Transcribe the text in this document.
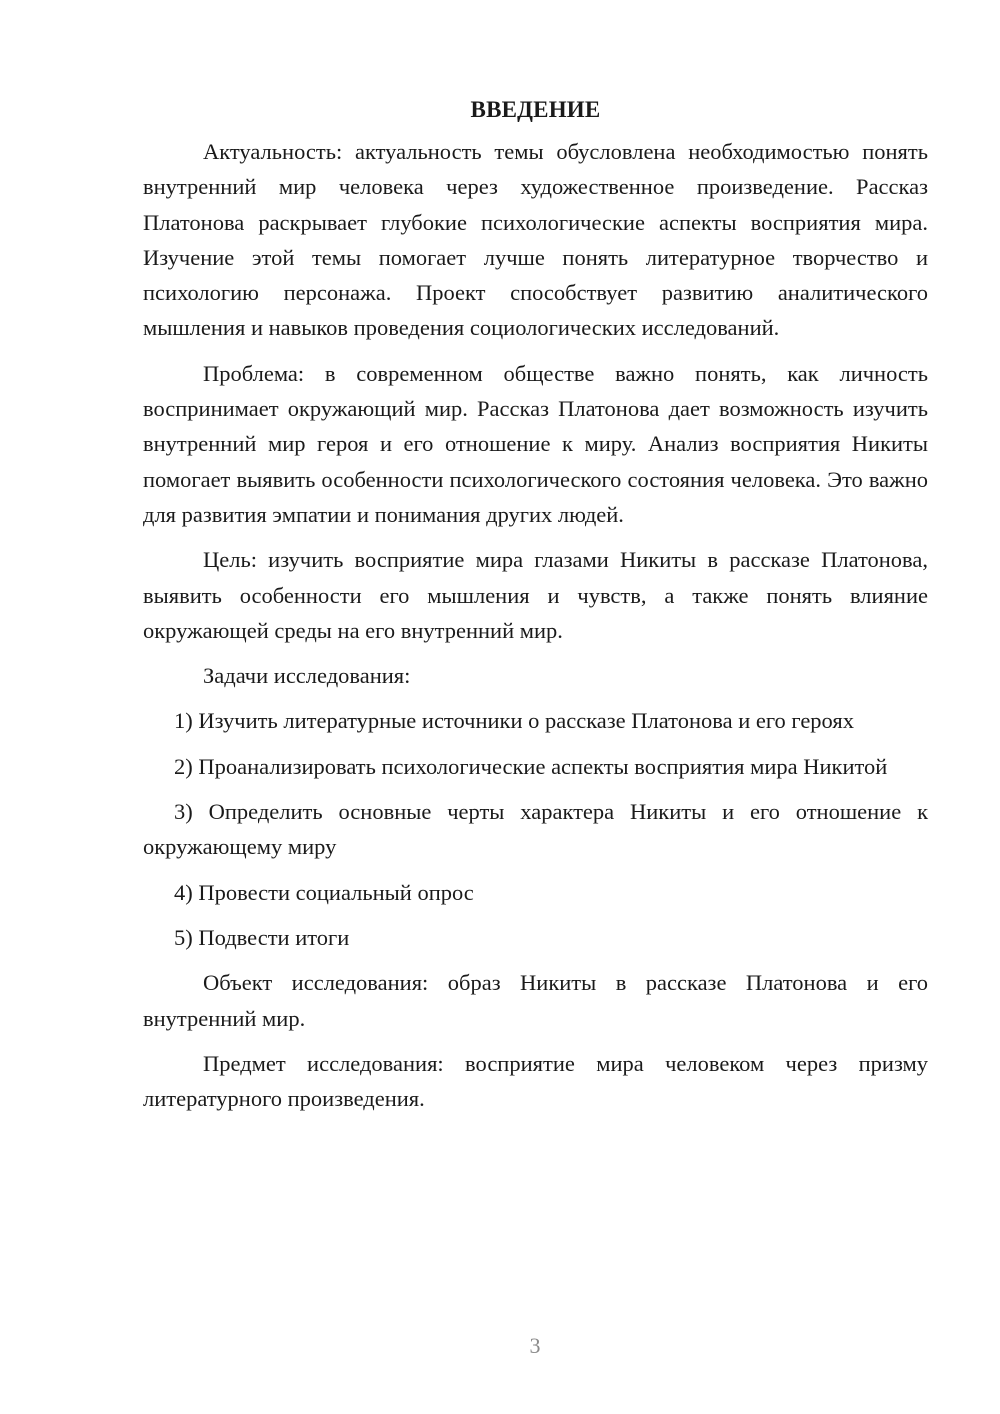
ВВЕДЕНИЕ

Актуальность: актуальность темы обусловлена необходимостью понять внутренний мир человека через художественное произведение. Рассказ Платонова раскрывает глубокие психологические аспекты восприятия мира. Изучение этой темы помогает лучше понять литературное творчество и психологию персонажа. Проект способствует развитию аналитического мышления и навыков проведения социологических исследований.

Проблема: в современном обществе важно понять, как личность воспринимает окружающий мир. Рассказ Платонова дает возможность изучить внутренний мир героя и его отношение к миру. Анализ восприятия Никиты помогает выявить особенности психологического состояния человека. Это важно для развития эмпатии и понимания других людей.

Цель: изучить восприятие мира глазами Никиты в рассказе Платонова, выявить особенности его мышления и чувств, а также понять влияние окружающей среды на его внутренний мир.

Задачи исследования:

1) Изучить литературные источники о рассказе Платонова и его героях

2) Проанализировать психологические аспекты восприятия мира Никитой

3) Определить основные черты характера Никиты и его отношение к окружающему миру

4) Провести социальный опрос

5) Подвести итоги

Объект исследования: образ Никиты в рассказе Платонова и его внутренний мир.

Предмет исследования: восприятие мира человеком через призму литературного произведения.

3
